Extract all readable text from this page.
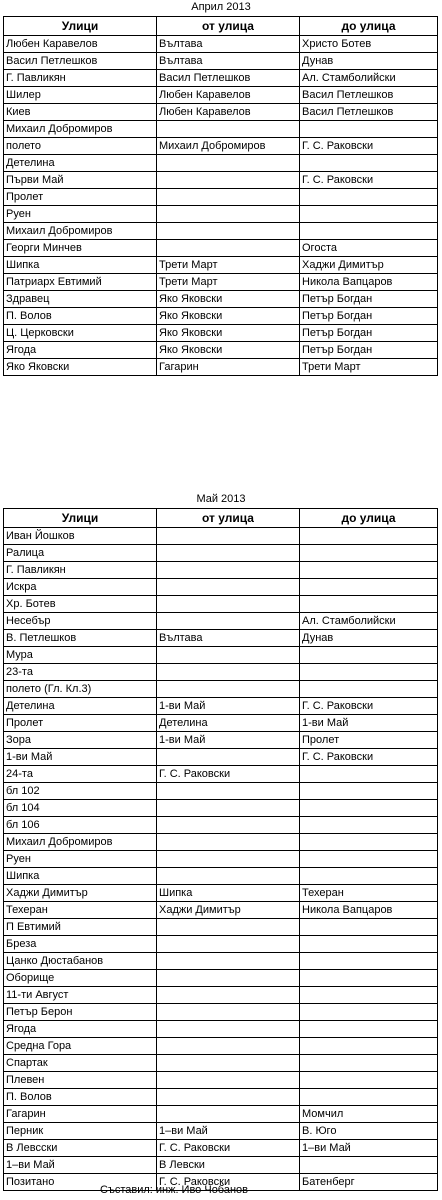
Април 2013
Улици	от улица	до улица
Любен Каравелов	Вълтава	Христо Ботев
Васил Петлешков	Вълтава	Дунав
Г. Павликян	Васил Петлешков	Ал. Стамболийски
Шилер	Любен Каравелов	Васил Петлешков
Киев	Любен Каравелов	Васил Петлешков
Михаил Добромиров		
полето	Михаил Добромиров	Г. С. Раковски
Детелина		
Първи Май		Г. С. Раковски
Пролет		
Руен		
Михаил Добромиров		
Георги Минчев		Огоста
Шипка	Трети Март	Хаджи Димитър
Патриарх Евтимий	Трети Март	Никола Вапцаров
Здравец	Яко Яковски	Петър Богдан
П. Волов	Яко Яковски	Петър Богдан
Ц. Церковски	Яко Яковски	Петър Богдан
Ягода	Яко Яковски	Петър Богдан
Яко Яковски	Гагарин	Трети Март
Май 2013
Улици	от улица	до улица
Иван Йошков		
Ралица		
Г. Павликян		
Искра		
Хр. Ботев		
Несебър		Ал. Стамболийски
В. Петлешков	Вълтава	Дунав
Мура		
23-та		
полето (Гл. Кл.3)		
Детелина	1-ви Май	Г. С. Раковски
Пролет	Детелина	1-ви Май
Зора	1-ви Май	Пролет
1-ви Май		Г. С. Раковски
24-та	Г. С. Раковски	
бл 102		
бл 104		
бл 106		
Михаил Добромиров		
Руен		
Шипка		
Хаджи Димитър	Шипка	Техеран
Техеран	Хаджи Димитър	Никола Вапцаров
П Евтимий		
Бреза		
Цанко Дюстабанов		
Оборище		
11-ти Август		
Петър Берон		
Ягода		
Средна Гора		
Спартак		
Плевен		
П. Волов		
Гагарин		Момчил
Перник	1–ви Май	В. Юго
В Левсски	Г. С. Раковски	1–ви Май
1–ви Май	В Левски	
Позитано	Г. С. Раковски	Батенберг
Съставил: инж. Иво Чобанов
